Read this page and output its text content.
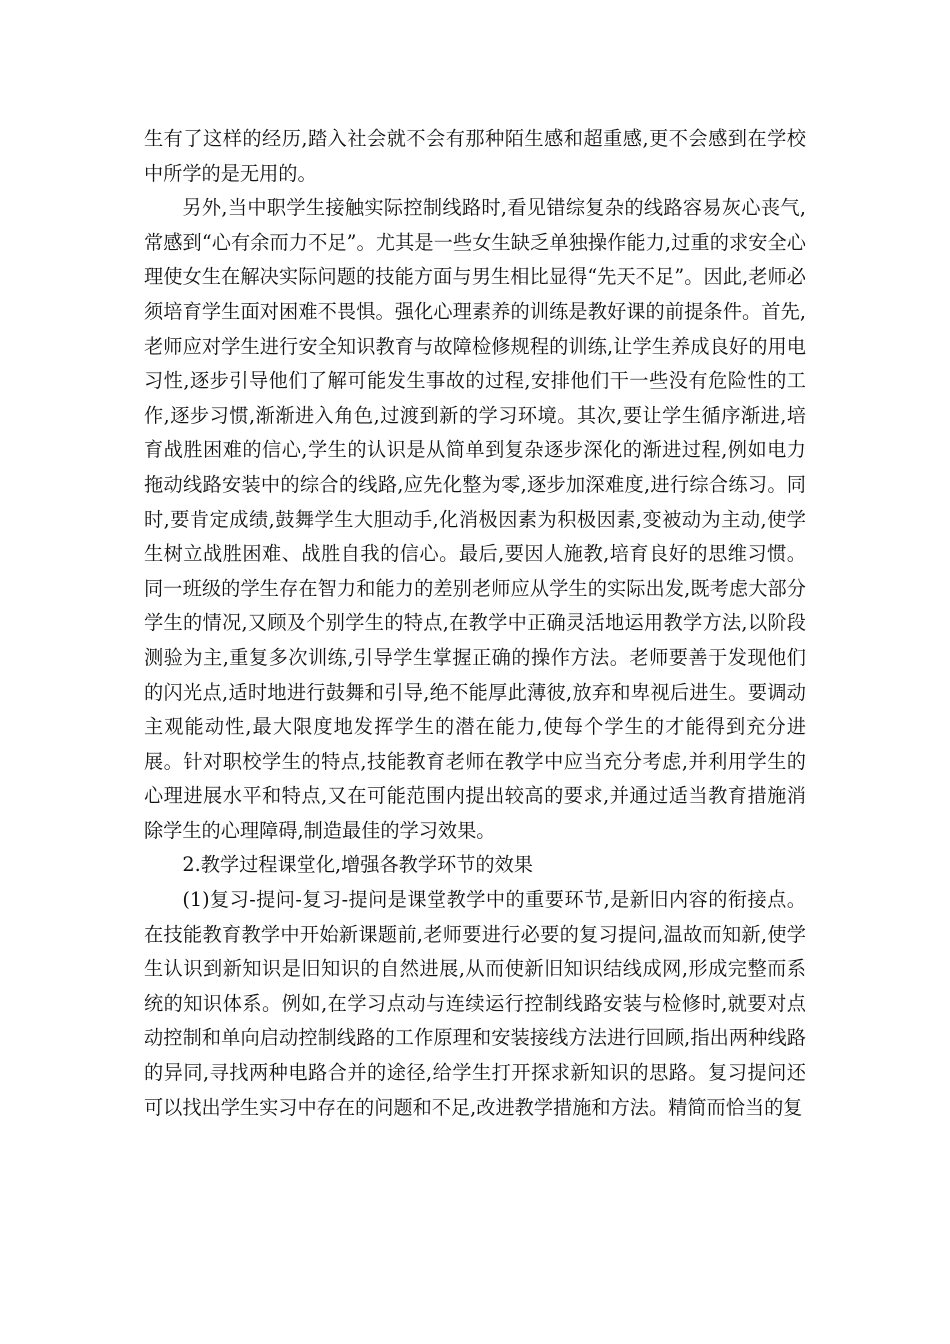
生有了这样的经历,踏入社会就不会有那种陌生感和超重感,更不会感到在学校中所学的是无用的。

另外,当中职学生接触实际控制线路时,看见错综复杂的线路容易灰心丧气,常感到“心有余而力不足”。尤其是一些女生缺乏单独操作能力,过重的求安全心理使女生在解决实际问题的技能方面与男生相比显得“先天不足”。因此,老师必须培育学生面对困难不畏惧。强化心理素养的训练是教好课的前提条件。首先,老师应对学生进行安全知识教育与故障检修规程的训练,让学生养成良好的用电习性,逐步引导他们了解可能发生事故的过程,安排他们干一些没有危险性的工作,逐步习惯,渐渐进入角色,过渡到新的学习环境。其次,要让学生循序渐进,培育战胜困难的信心,学生的认识是从简单到复杂逐步深化的渐进过程,例如电力拖动线路安装中的综合的线路,应先化整为零,逐步加深难度,进行综合练习。同时,要肯定成绩,鼓舞学生大胆动手,化消极因素为积极因素,变被动为主动,使学生树立战胜困难、战胜自我的信心。最后,要因人施教,培育良好的思维习惯。同一班级的学生存在智力和能力的差别老师应从学生的实际出发,既考虑大部分学生的情况,又顾及个别学生的特点,在教学中正确灵活地运用教学方法,以阶段测验为主,重复多次训练,引导学生掌握正确的操作方法。老师要善于发现他们的闪光点,适时地进行鼓舞和引导,绝不能厚此薄彼,放弃和卑视后进生。要调动主观能动性,最大限度地发挥学生的潜在能力,使每个学生的才能得到充分进展。针对职校学生的特点,技能教育老师在教学中应当充分考虑,并利用学生的心理进展水平和特点,又在可能范围内提出较高的要求,并通过适当教育措施消除学生的心理障碍,制造最佳的学习效果。

2.教学过程课堂化,增强各教学环节的效果

(1)复习-提问-复习-提问是课堂教学中的重要环节,是新旧内容的衔接点。在技能教育教学中开始新课题前,老师要进行必要的复习提问,温故而知新,使学生认识到新知识是旧知识的自然进展,从而使新旧知识结线成网,形成完整而系统的知识体系。例如,在学习点动与连续运行控制线路安装与检修时,就要对点动控制和单向启动控制线路的工作原理和安装接线方法进行回顾,指出两种线路的异同,寻找两种电路合并的途径,给学生打开探求新知识的思路。复习提问还可以找出学生实习中存在的问题和不足,改进教学措施和方法。精简而恰当的复
